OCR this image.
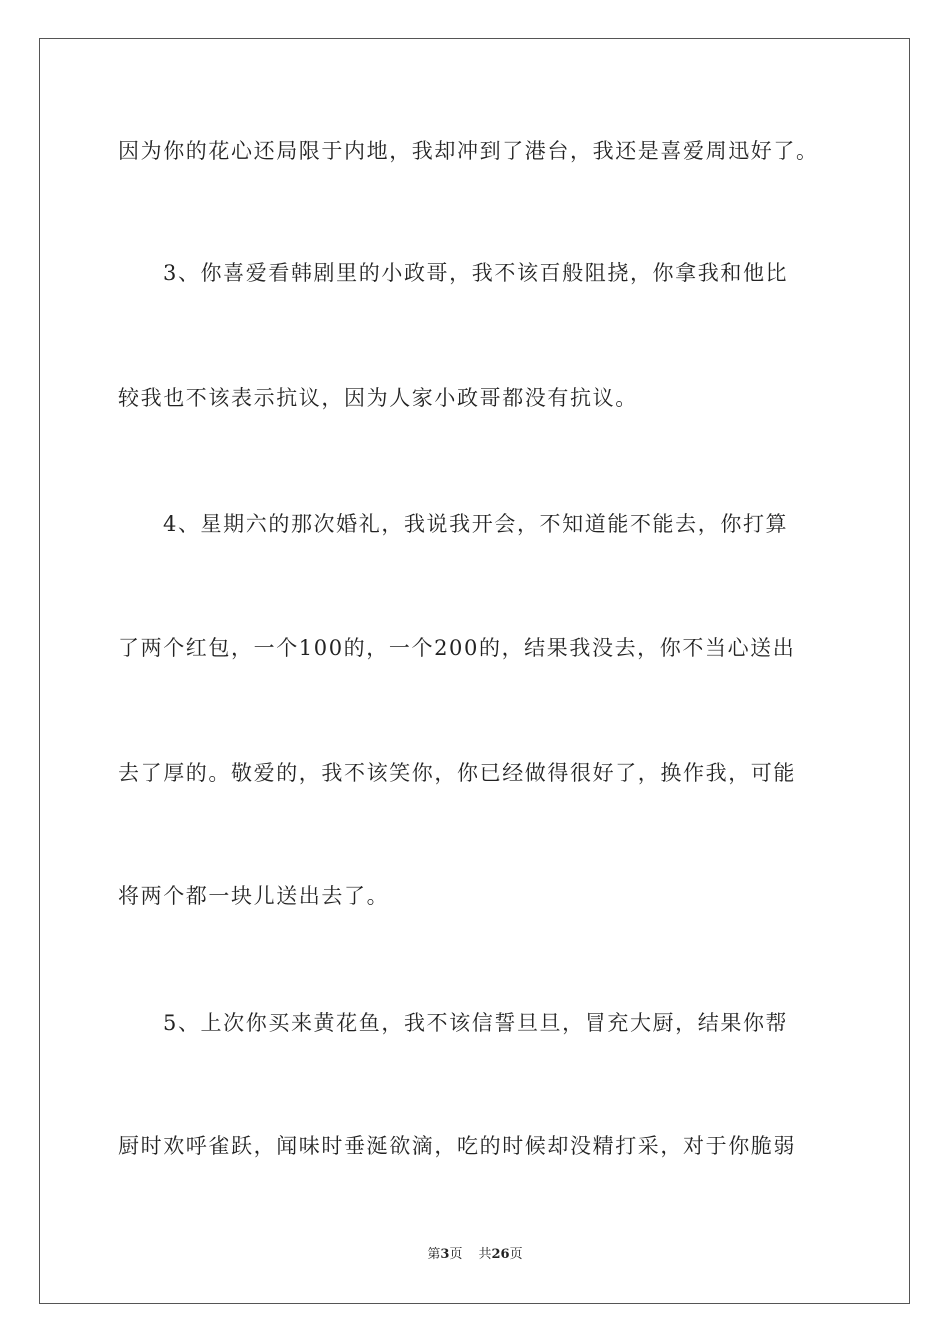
因为你的花心还局限于内地，我却冲到了港台，我还是喜爱周迅好了。
3、你喜爱看韩剧里的小政哥，我不该百般阻挠，你拿我和他比
较我也不该表示抗议，因为人家小政哥都没有抗议。
4、星期六的那次婚礼，我说我开会，不知道能不能去，你打算
了两个红包，一个100的，一个200的，结果我没去，你不当心送出
去了厚的。敬爱的，我不该笑你，你已经做得很好了，换作我，可能
将两个都一块儿送出去了。
5、上次你买来黄花鱼，我不该信誓旦旦，冒充大厨，结果你帮
厨时欢呼雀跃，闻味时垂涎欲滴，吃的时候却没精打采，对于你脆弱
第3页 共26页
